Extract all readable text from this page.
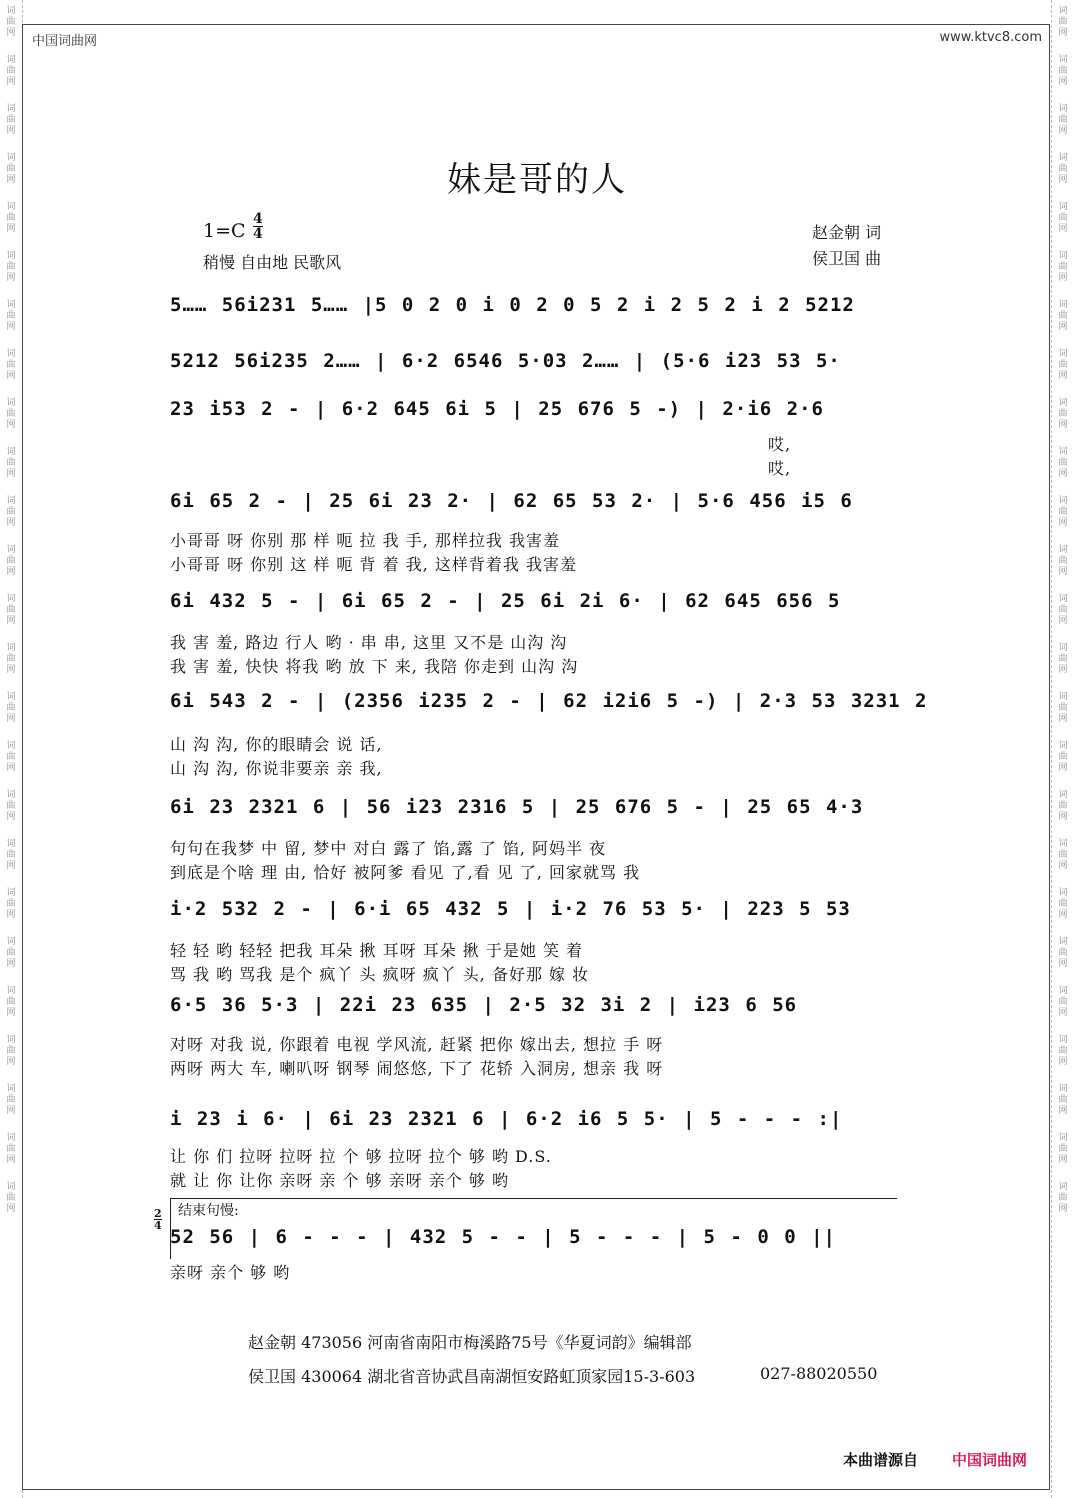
词
曲
网
词
曲
网
词
曲
网
词
曲
网
词
曲
网
词
曲
网
词
曲
网
词
曲
网
词
曲
网
词
曲
网
词
曲
网
词
曲
网
词
曲
网
词
曲
网
词
曲
网
词
曲
网
词
曲
网
词
曲
网
词
曲
网
词
曲
网
词
曲
网
词
曲
网
词
曲
网
词
曲
网
词
曲
网
词
曲
网
词
曲
网
词
曲
网
词
曲
网
词
曲
网
词
曲
网
词
曲
网
词
曲
网
词
曲
网
词
曲
网
词
曲
网
词
曲
网
词
曲
网
词
曲
网
词
曲
网
词
曲
网
词
曲
网
词
曲
网
词
曲
网
词
曲
网
词
曲
网
词
曲
网
词
曲
网
词
曲
网
词
曲
网
中国词曲网	www.ktvc8.com
妹是哥的人
1=C
4
4
稍慢 自由地 民歌风
赵金朝 词
侯卫国 曲
5…… 56i231 5…… |5 0 2 0 i 0 2 0 5 2 i 2 5 2 i 2 5212
5212 56i235 2…… | 6·2 6546 5·03 2…… | (5·6 i23 53 5·
23 i53 2 - | 6·2 645 6i 5 | 25 676 5 -) | 2·i6 2·6
哎,
哎,
6i 65 2 - | 25 6i 23 2· | 62 65 53 2· | 5·6 456 i5 6
小哥哥 呀 你别 那 样 呃 拉 我 手, 那样拉我 我害羞
小哥哥 呀 你别 这 样 呃 背 着 我, 这样背着我 我害羞
6i 432 5 - | 6i 65 2 - | 25 6i 2i 6· | 62 645 656 5
我 害 羞, 路边 行人 哟 · 串 串, 这里 又不是 山沟 沟
我 害 羞, 快快 将我 哟 放 下 来, 我陪 你走到 山沟 沟
6i 543 2 - | (2356 i235 2 - | 62 i2i6 5 -) | 2·3 53 3231 2
山 沟 沟, 你的眼睛会 说 话,
山 沟 沟, 你说非要亲 亲 我,
6i 23 2321 6 | 56 i23 2316 5 | 25 676 5 - | 25 65 4·3
句句在我梦 中 留, 梦中 对白 露了 馅,露 了 馅, 阿妈半 夜
到底是个啥 理 由, 恰好 被阿爹 看见 了,看 见 了, 回家就骂 我
i·2 532 2 - | 6·i 65 432 5 | i·2 76 53 5· | 223 5 53
轻 轻 哟 轻轻 把我 耳朵 揪 耳呀 耳朵 揪 于是她 笑 着
骂 我 哟 骂我 是个 疯丫 头 疯呀 疯丫 头, 备好那 嫁 妆
6·5 36 5·3 | 22i 23 635 | 2·5 32 3i 2 | i23 6 56
对呀 对我 说, 你跟着 电视 学风流, 赶紧 把你 嫁出去, 想拉 手 呀
两呀 两大 车, 喇叭呀 钢琴 闹悠悠, 下了 花轿 入洞房, 想亲 我 呀
i 23 i 6· | 6i 23 2321 6 | 6·2 i6 5 5· | 5 - - - :|
让 你 们 拉呀 拉呀 拉 个 够 拉呀 拉个 够 哟 D.S.
就 让 你 让你 亲呀 亲 个 够 亲呀 亲个 够 哟
2
4
结束句慢:
52 56 | 6 - - - | 432 5 - - | 5 - - - | 5 - 0 0 ||
亲呀 亲个 够 哟
赵金朝 473056 河南省南阳市梅溪路75号《华夏词韵》编辑部
侯卫国 430064 湖北省音协武昌南湖恒安路虹顶家园15-3-603	027-88020550
本曲谱源自 中国词曲网
